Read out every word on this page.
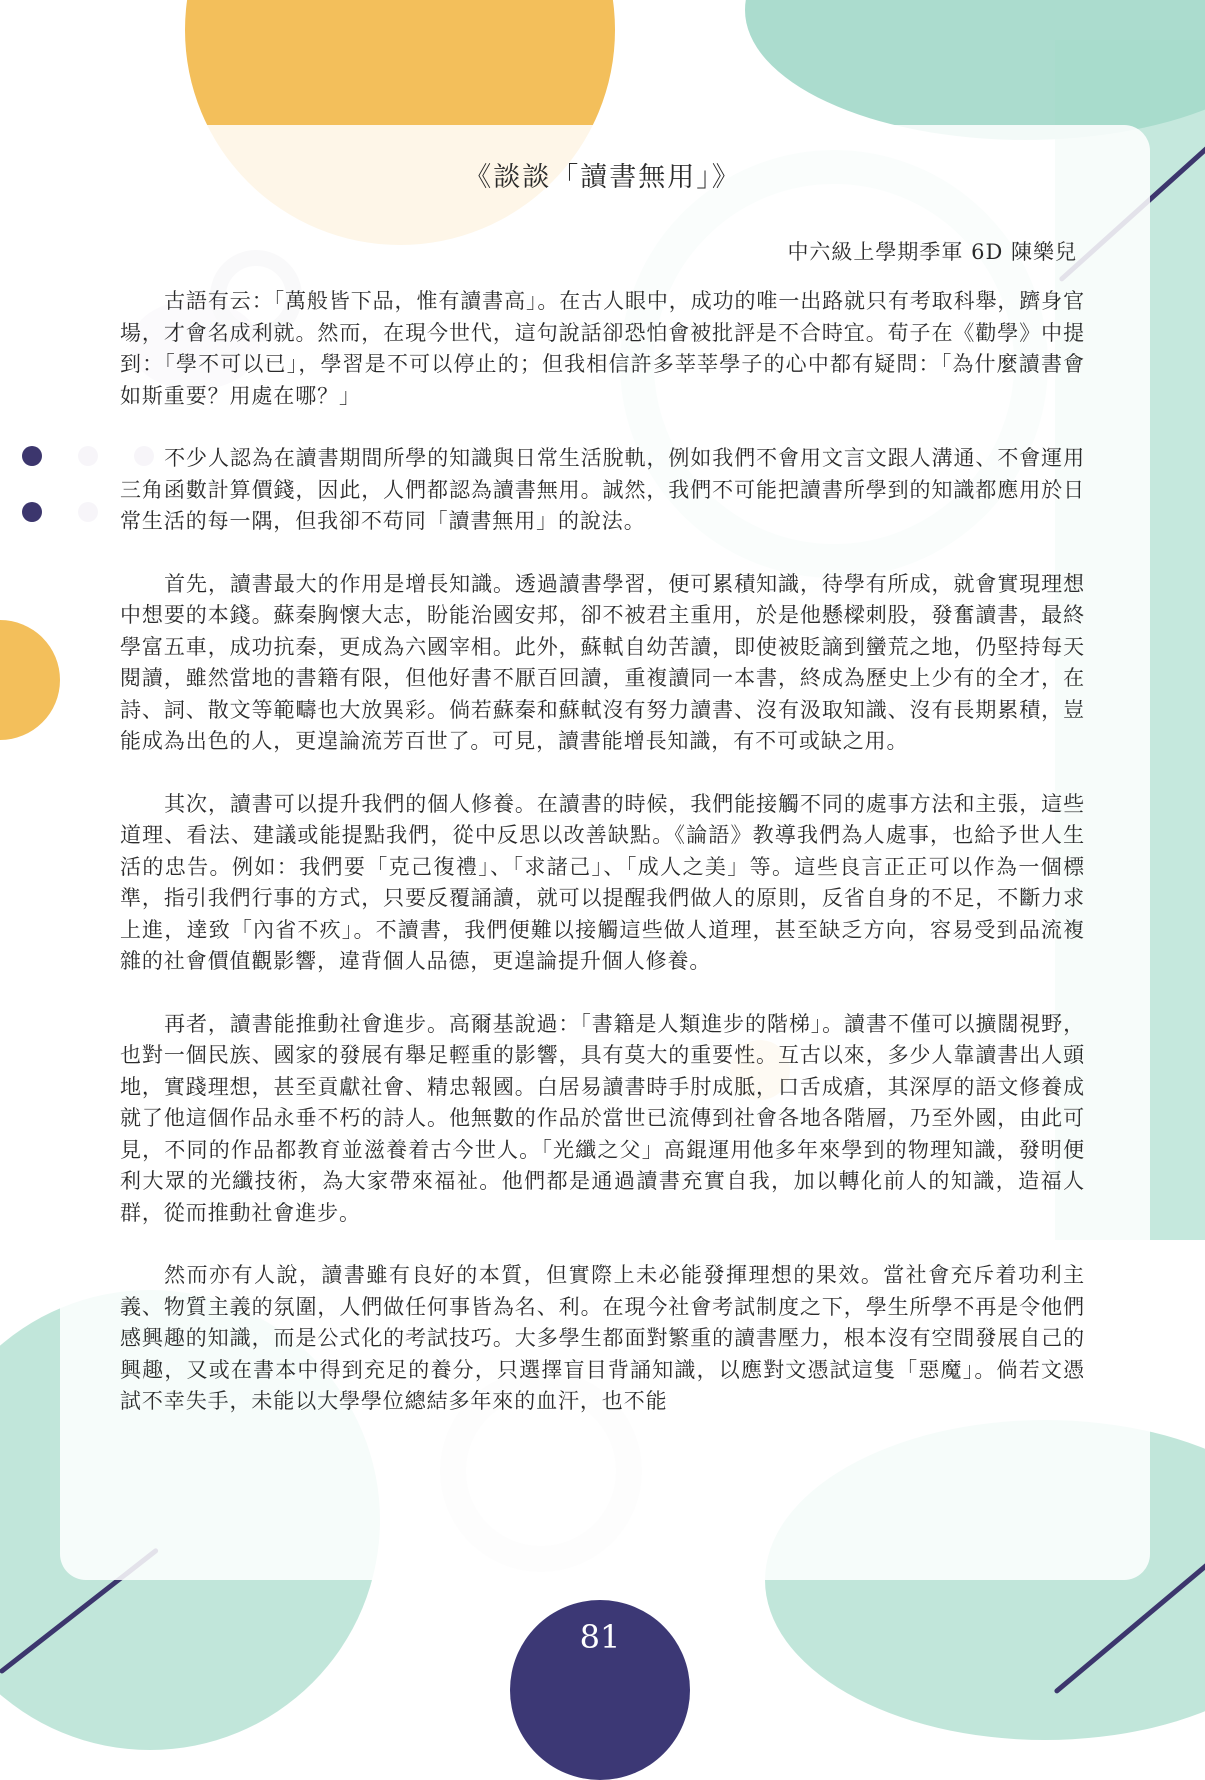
《談談「讀書無用」》
中六級上學期季軍 6D 陳樂兒

古語有云：「萬般皆下品，惟有讀書高」。在古人眼中，成功的唯一出路就只有考取科舉，躋身官場，才會名成利就。然而，在現今世代，這句說話卻恐怕會被批評是不合時宜。荀子在《勸學》中提到：「學不可以已」，學習是不可以停止的；但我相信許多莘莘學子的心中都有疑問：「為什麼讀書會如斯重要？用處在哪？」

不少人認為在讀書期間所學的知識與日常生活脫軌，例如我們不會用文言文跟人溝通、不會運用三角函數計算價錢，因此，人們都認為讀書無用。誠然，我們不可能把讀書所學到的知識都應用於日常生活的每一隅，但我卻不苟同「讀書無用」的說法。

首先，讀書最大的作用是增長知識。透過讀書學習，便可累積知識，待學有所成，就會實現理想中想要的本錢。蘇秦胸懷大志，盼能治國安邦，卻不被君主重用，於是他懸樑刺股，發奮讀書，最終學富五車，成功抗秦，更成為六國宰相。此外，蘇軾自幼苦讀，即使被貶謫到蠻荒之地，仍堅持每天閱讀，雖然當地的書籍有限，但他好書不厭百回讀，重複讀同一本書，終成為歷史上少有的全才，在詩、詞、散文等範疇也大放異彩。倘若蘇秦和蘇軾沒有努力讀書、沒有汲取知識、沒有長期累積，豈能成為出色的人，更遑論流芳百世了。可見，讀書能增長知識，有不可或缺之用。

其次，讀書可以提升我們的個人修養。在讀書的時候，我們能接觸不同的處事方法和主張，這些道理、看法、建議或能提點我們，從中反思以改善缺點。《論語》教導我們為人處事，也給予世人生活的忠告。例如：我們要「克己復禮」、「求諸己」、「成人之美」等。這些良言正正可以作為一個標準，指引我們行事的方式，只要反覆誦讀，就可以提醒我們做人的原則，反省自身的不足，不斷力求上進，達致「內省不疚」。不讀書，我們便難以接觸這些做人道理，甚至缺乏方向，容易受到品流複雜的社會價值觀影響，違背個人品德，更遑論提升個人修養。

再者，讀書能推動社會進步。高爾基說過：「書籍是人類進步的階梯」。讀書不僅可以擴闊視野，也對一個民族、國家的發展有舉足輕重的影響，具有莫大的重要性。互古以來，多少人靠讀書出人頭地，實踐理想，甚至貢獻社會、精忠報國。白居易讀書時手肘成胝，口舌成瘡，其深厚的語文修養成就了他這個作品永垂不朽的詩人。他無數的作品於當世已流傳到社會各地各階層，乃至外國，由此可見，不同的作品都教育並滋養着古今世人。「光纖之父」高錕運用他多年來學到的物理知識，發明便利大眾的光纖技術，為大家帶來福祉。他們都是通過讀書充實自我，加以轉化前人的知識，造福人群，從而推動社會進步。

然而亦有人說，讀書雖有良好的本質，但實際上未必能發揮理想的果效。當社會充斥着功利主義、物質主義的氛圍，人們做任何事皆為名、利。在現今社會考試制度之下，學生所學不再是令他們感興趣的知識，而是公式化的考試技巧。大多學生都面對繁重的讀書壓力，根本沒有空間發展自己的興趣，又或在書本中得到充足的養分，只選擇盲目背誦知識，以應對文憑試這隻「惡魔」。倘若文憑試不幸失手，未能以大學學位總結多年來的血汗，也不能

81
